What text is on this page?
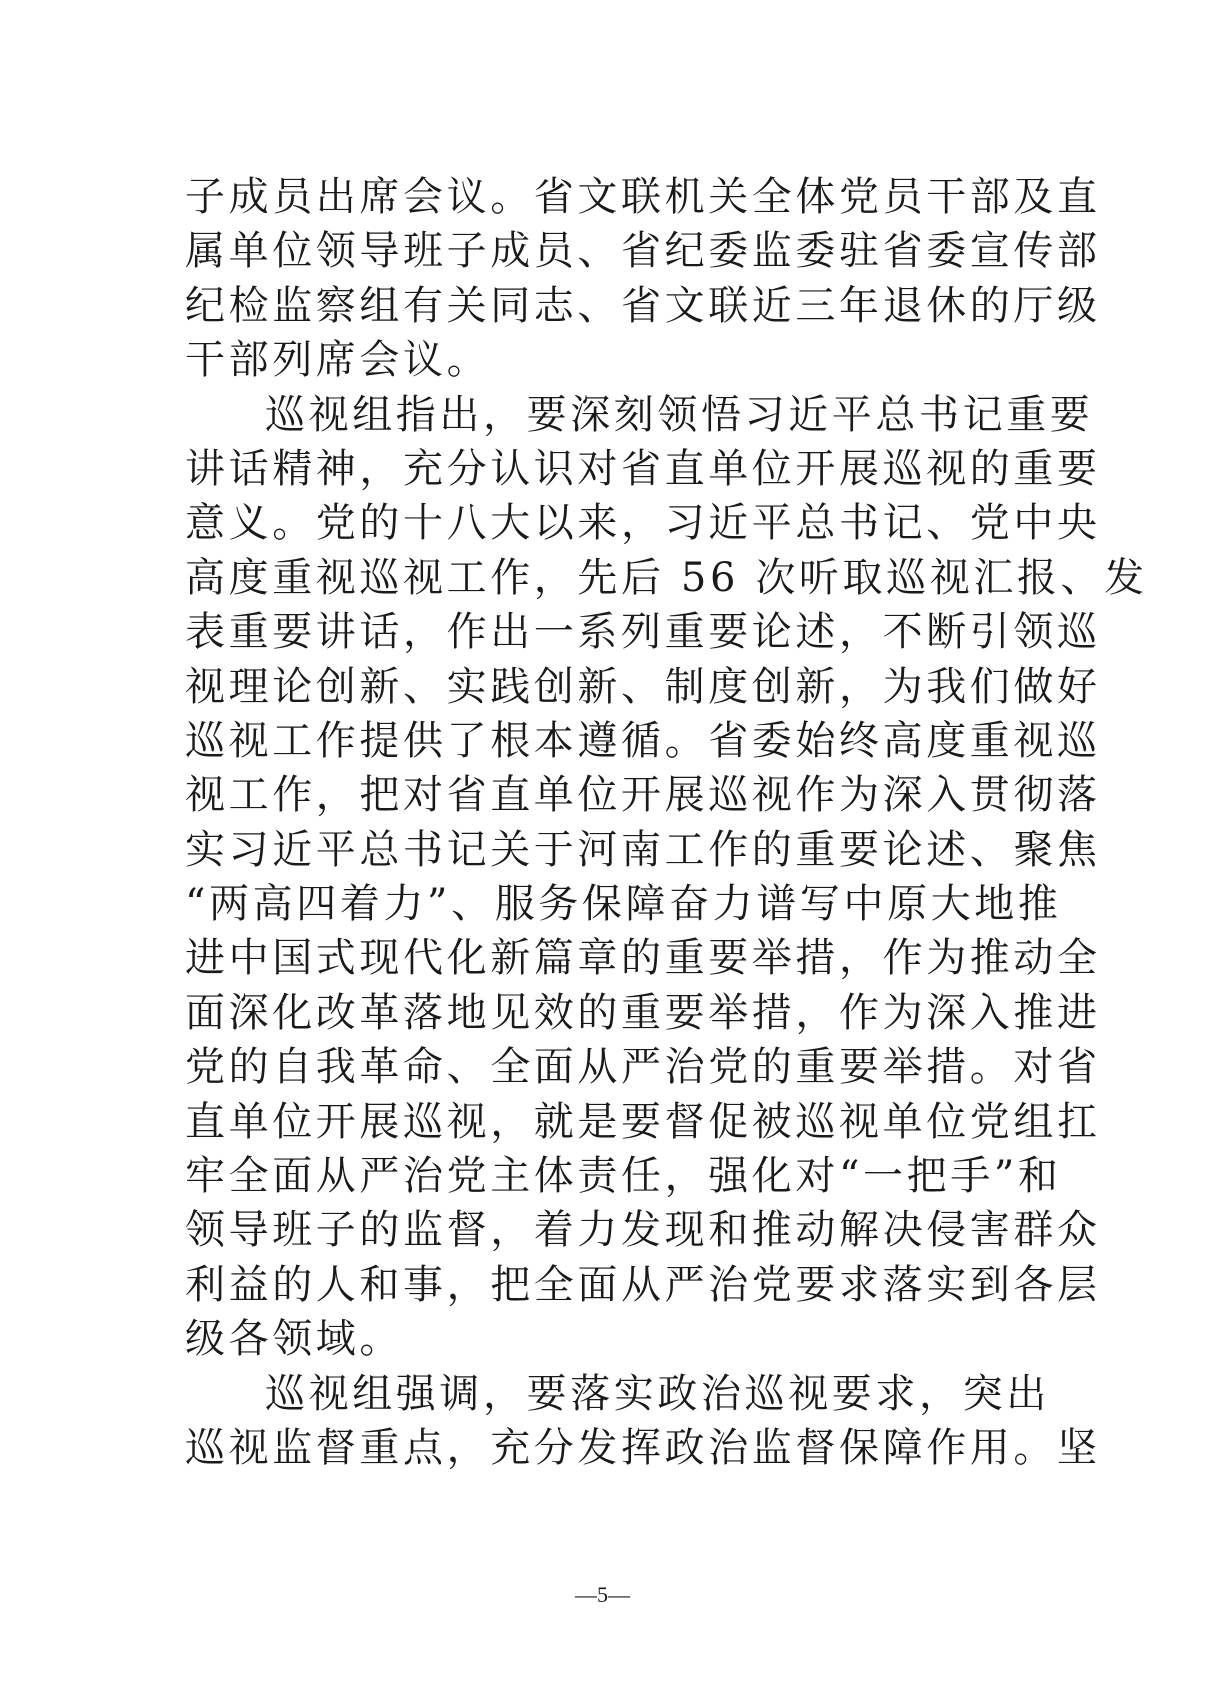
子成员出席会议。省文联机关全体党员干部及直
属单位领导班子成员、省纪委监委驻省委宣传部
纪检监察组有关同志、省文联近三年退休的厅级
干部列席会议。
巡视组指出，要深刻领悟习近平总书记重要
讲话精神，充分认识对省直单位开展巡视的重要
意义。党的十八大以来，习近平总书记、党中央
高度重视巡视工作，先后 56 次听取巡视汇报、发
表重要讲话，作出一系列重要论述，不断引领巡
视理论创新、实践创新、制度创新，为我们做好
巡视工作提供了根本遵循。省委始终高度重视巡
视工作，把对省直单位开展巡视作为深入贯彻落
实习近平总书记关于河南工作的重要论述、聚焦
“两高四着力”、服务保障奋力谱写中原大地推
进中国式现代化新篇章的重要举措，作为推动全
面深化改革落地见效的重要举措，作为深入推进
党的自我革命、全面从严治党的重要举措。对省
直单位开展巡视，就是要督促被巡视单位党组扛
牢全面从严治党主体责任，强化对“一把手”和
领导班子的监督，着力发现和推动解决侵害群众
利益的人和事，把全面从严治党要求落实到各层
级各领域。
巡视组强调，要落实政治巡视要求，突出
巡视监督重点，充分发挥政治监督保障作用。坚
—5—
